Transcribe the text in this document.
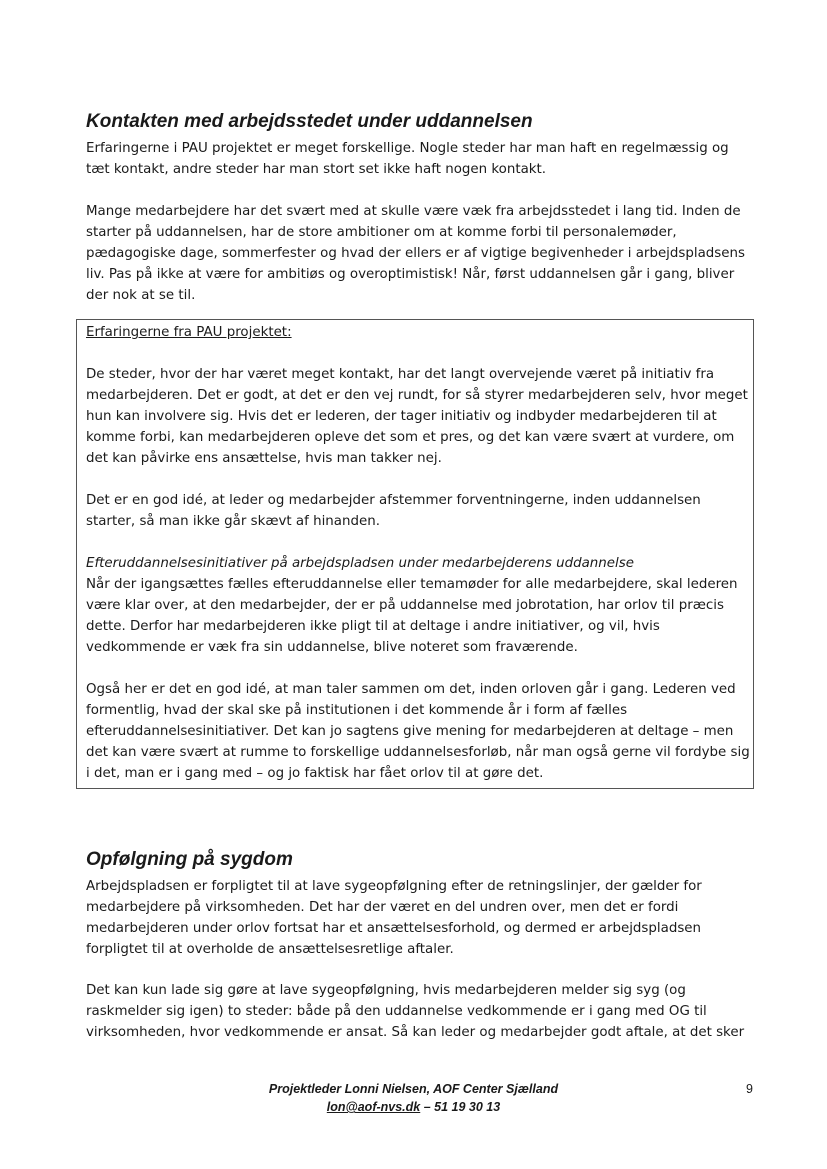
Kontakten med arbejdsstedet under uddannelsen

Erfaringerne i PAU projektet er meget forskellige. Nogle steder har man haft en regelmæssig og tæt kontakt, andre steder har man stort set ikke haft nogen kontakt.

Mange medarbejdere har det svært med at skulle være væk fra arbejdsstedet i lang tid. Inden de starter på uddannelsen, har de store ambitioner om at komme forbi til personalemøder, pædagogiske dage, sommerfester og hvad der ellers er af vigtige begivenheder i arbejdspladsens liv. Pas på ikke at være for ambitiøs og overoptimistisk! Når, først uddannelsen går i gang, bliver der nok at se til.

Erfaringerne fra PAU projektet:

De steder, hvor der har været meget kontakt, har det langt overvejende været på initiativ fra medarbejderen. Det er godt, at det er den vej rundt, for så styrer medarbejderen selv, hvor meget hun kan involvere sig. Hvis det er lederen, der tager initiativ og indbyder medarbejderen til at komme forbi, kan medarbejderen opleve det som et pres, og det kan være svært at vurdere, om det kan påvirke ens ansættelse, hvis man takker nej.

Det er en god idé, at leder og medarbejder afstemmer forventningerne, inden uddannelsen starter, så man ikke går skævt af hinanden.

Efteruddannelsesinitiativer på arbejdspladsen under medarbejderens uddannelse

Når der igangsættes fælles efteruddannelse eller temamøder for alle medarbejdere, skal lederen være klar over, at den medarbejder, der er på uddannelse med jobrotation, har orlov til præcis dette. Derfor har medarbejderen ikke pligt til at deltage i andre initiativer, og vil, hvis vedkommende er væk fra sin uddannelse, blive noteret som fraværende.

Også her er det en god idé, at man taler sammen om det, inden orloven går i gang. Lederen ved formentlig, hvad der skal ske på institutionen i det kommende år i form af fælles efteruddannelsesinitiativer. Det kan jo sagtens give mening for medarbejderen at deltage – men det kan være svært at rumme to forskellige uddannelsesforløb, når man også gerne vil fordybe sig i det, man er i gang med – og jo faktisk har fået orlov til at gøre det.

Opfølgning på sygdom

Arbejdspladsen er forpligtet til at lave sygeopfølgning efter de retningslinjer, der gælder for medarbejdere på virksomheden. Det har der været en del undren over, men det er fordi medarbejderen under orlov fortsat har et ansættelsesforhold, og dermed er arbejdspladsen forpligtet til at overholde de ansættelsesretlige aftaler.

Det kan kun lade sig gøre at lave sygeopfølgning, hvis medarbejderen melder sig syg (og raskmelder sig igen) to steder: både på den uddannelse vedkommende er i gang med OG til virksomheden, hvor vedkommende er ansat. Så kan leder og medarbejder godt aftale, at det sker

Projektleder Lonni Nielsen, AOF Center Sjælland
lon@aof-nvs.dk – 51 19 30 13
9
